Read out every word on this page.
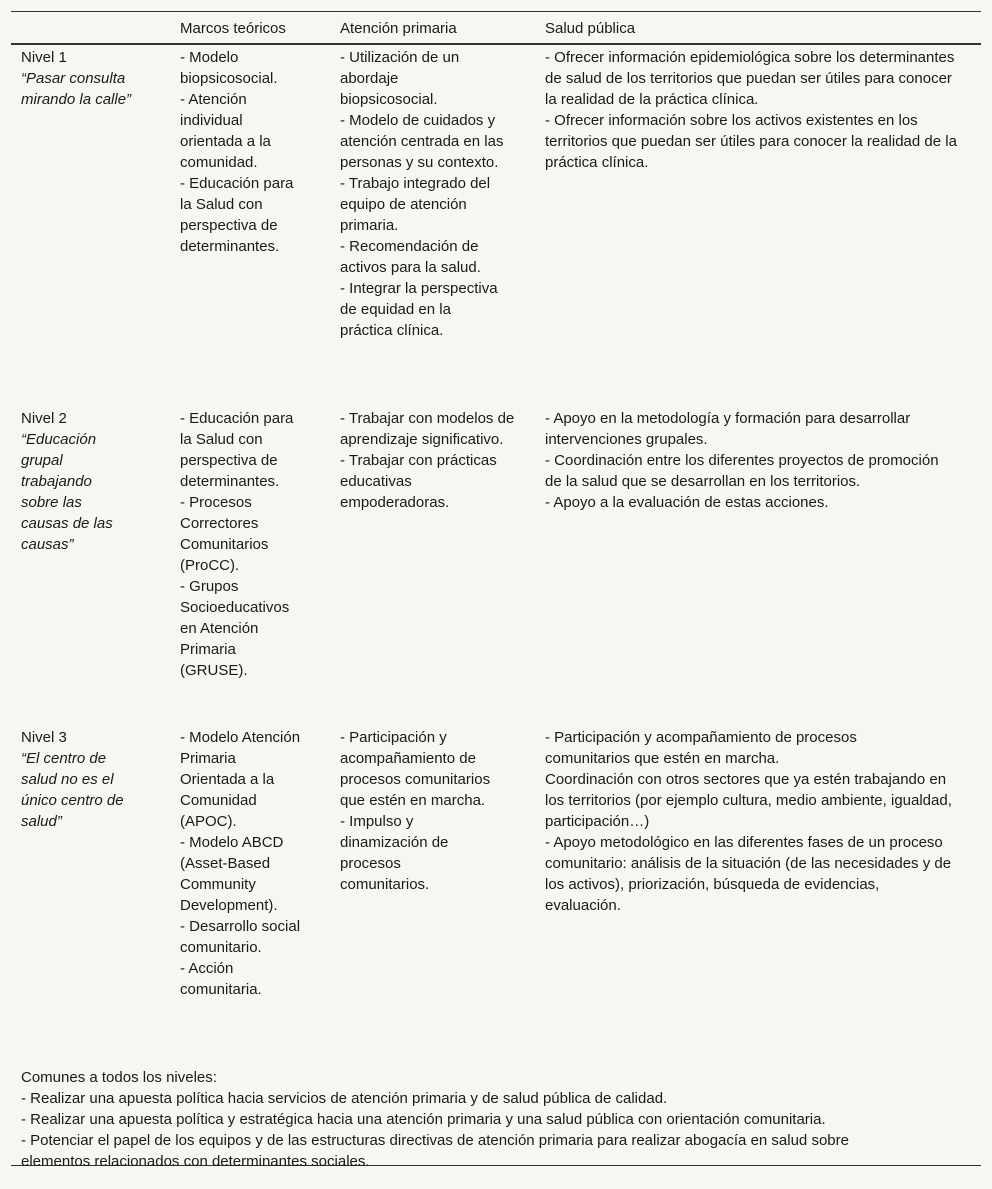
Marcos teóricos	Atención primaria	Salud pública
Nivel 1
“Pasar consulta mirando la calle”
- Modelo biopsicosocial.
- Atención individual orientada a la comunidad.
- Educación para la Salud con perspectiva de determinantes.
- Utilización de un abordaje biopsicosocial.
- Modelo de cuidados y atención centrada en las personas y su contexto.
- Trabajo integrado del equipo de atención primaria.
- Recomendación de activos para la salud.
- Integrar la perspectiva de equidad en la práctica clínica.
- Ofrecer información epidemiológica sobre los determinantes de salud de los territorios que puedan ser útiles para conocer la realidad de la práctica clínica.
- Ofrecer información sobre los activos existentes en los territorios que puedan ser útiles para conocer la realidad de la práctica clínica.
Nivel 2
“Educación grupal trabajando sobre las causas de las causas”
- Educación para la Salud con perspectiva de determinantes.
- Procesos Correctores Comunitarios (ProCC).
- Grupos Socioeducativos en Atención Primaria (GRUSE).
- Trabajar con modelos de aprendizaje significativo.
- Trabajar con prácticas educativas empoderadoras.
- Apoyo en la metodología y formación para desarrollar intervenciones grupales.
- Coordinación entre los diferentes proyectos de promoción de la salud que se desarrollan en los territorios.
- Apoyo a la evaluación de estas acciones.
Nivel 3
“El centro de salud no es el único centro de salud”
- Modelo Atención Primaria Orientada a la Comunidad (APOC).
- Modelo ABCD (Asset-Based Community Development).
- Desarrollo social comunitario.
- Acción comunitaria.
- Participación y acompañamiento de procesos comunitarios que estén en marcha.
- Impulso y dinamización de procesos comunitarios.
- Participación y acompañamiento de procesos comunitarios que estén en marcha.
Coordinación con otros sectores que ya estén trabajando en los territorios (por ejemplo cultura, medio ambiente, igualdad, participación…)
- Apoyo metodológico en las diferentes fases de un proceso comunitario: análisis de la situación (de las necesidades y de los activos), priorización, búsqueda de evidencias, evaluación.
Comunes a todos los niveles:
- Realizar una apuesta política hacia servicios de atención primaria y de salud pública de calidad.
- Realizar una apuesta política y estratégica hacia una atención primaria y una salud pública con orientación comunitaria.
- Potenciar el papel de los equipos y de las estructuras directivas de atención primaria para realizar abogacía en salud sobre elementos relacionados con determinantes sociales.
